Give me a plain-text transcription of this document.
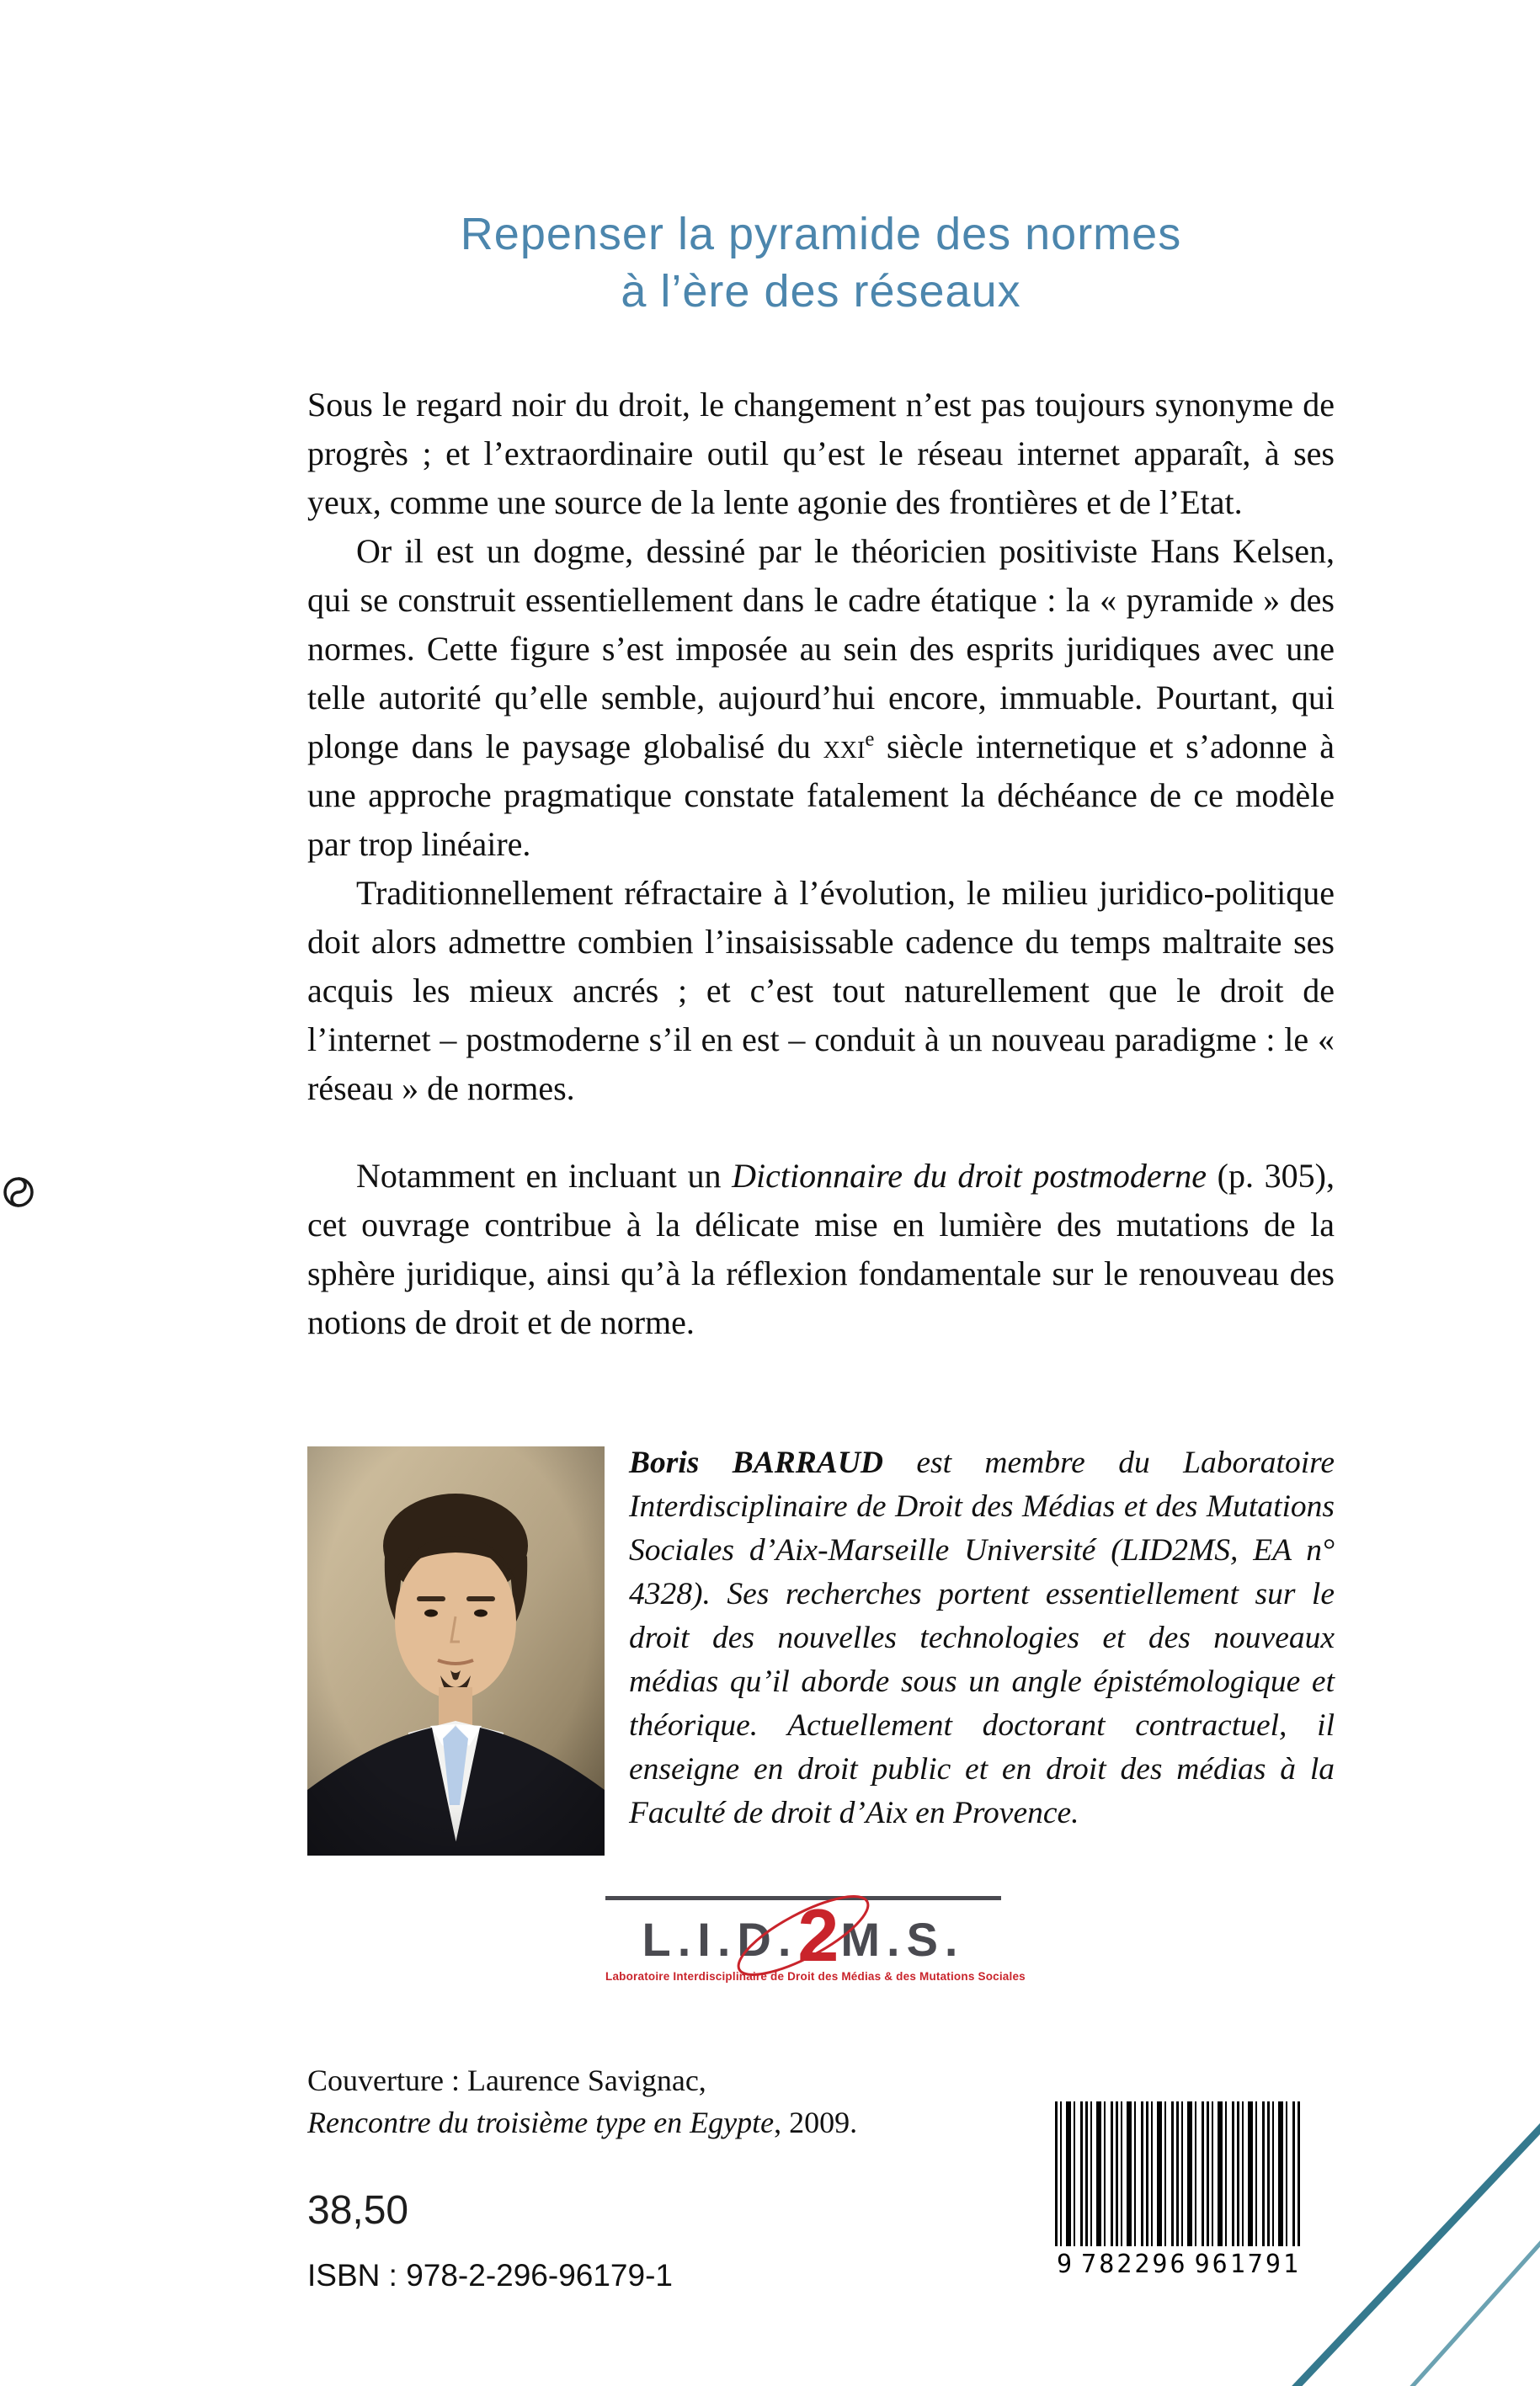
Repenser la pyramide des normes
à l’ère des réseaux

Sous le regard noir du droit, le changement n’est pas toujours synonyme de progrès ; et l’extraordinaire outil qu’est le réseau internet apparaît, à ses yeux, comme une source de la lente agonie des frontières et de l’Etat.

Or il est un dogme, dessiné par le théoricien positiviste Hans Kelsen, qui se construit essentiellement dans le cadre étatique : la « pyramide » des normes. Cette figure s’est imposée au sein des esprits juridiques avec une telle autorité qu’elle semble, aujourd’hui encore, immuable. Pourtant, qui plonge dans le paysage globalisé du xxi$^e$ siècle internetique et s’adonne à une approche pragmatique constate fatalement la déchéance de ce modèle par trop linéaire.

Traditionnellement réfractaire à l’évolution, le milieu juridico-politique doit alors admettre combien l’insaisissable cadence du temps maltraite ses acquis les mieux ancrés ; et c’est tout naturellement que le droit de l’internet – postmoderne s’il en est – conduit à un nouveau paradigme : le « réseau » de normes.

Notamment en incluant un Dictionnaire du droit postmoderne (p. 305), cet ouvrage contribue à la délicate mise en lumière des mutations de la sphère juridique, ainsi qu’à la réflexion fondamentale sur le renouveau des notions de droit et de norme.

Boris BARRAUD est membre du Laboratoire Interdisciplinaire de Droit des Médias et des Mutations Sociales d’Aix-Marseille Université (LID2MS, EA n° 4328). Ses recherches portent essentiellement sur le droit des nouvelles technologies et des nouveaux médias qu’il aborde sous un angle épistémologique et théorique. Actuellement doctorant contractuel, il enseigne en droit public et en droit des médias à la Faculté de droit d’Aix en Provence.
L.I.D.2M.S.
Laboratoire Interdisciplinaire de Droit des Médias & des Mutations Sociales
Couverture : Laurence Savignac,
Rencontre du troisième type en Egypte, 2009.
38,50
ISBN : 978-2-296-96179-1	9 782296 961791
